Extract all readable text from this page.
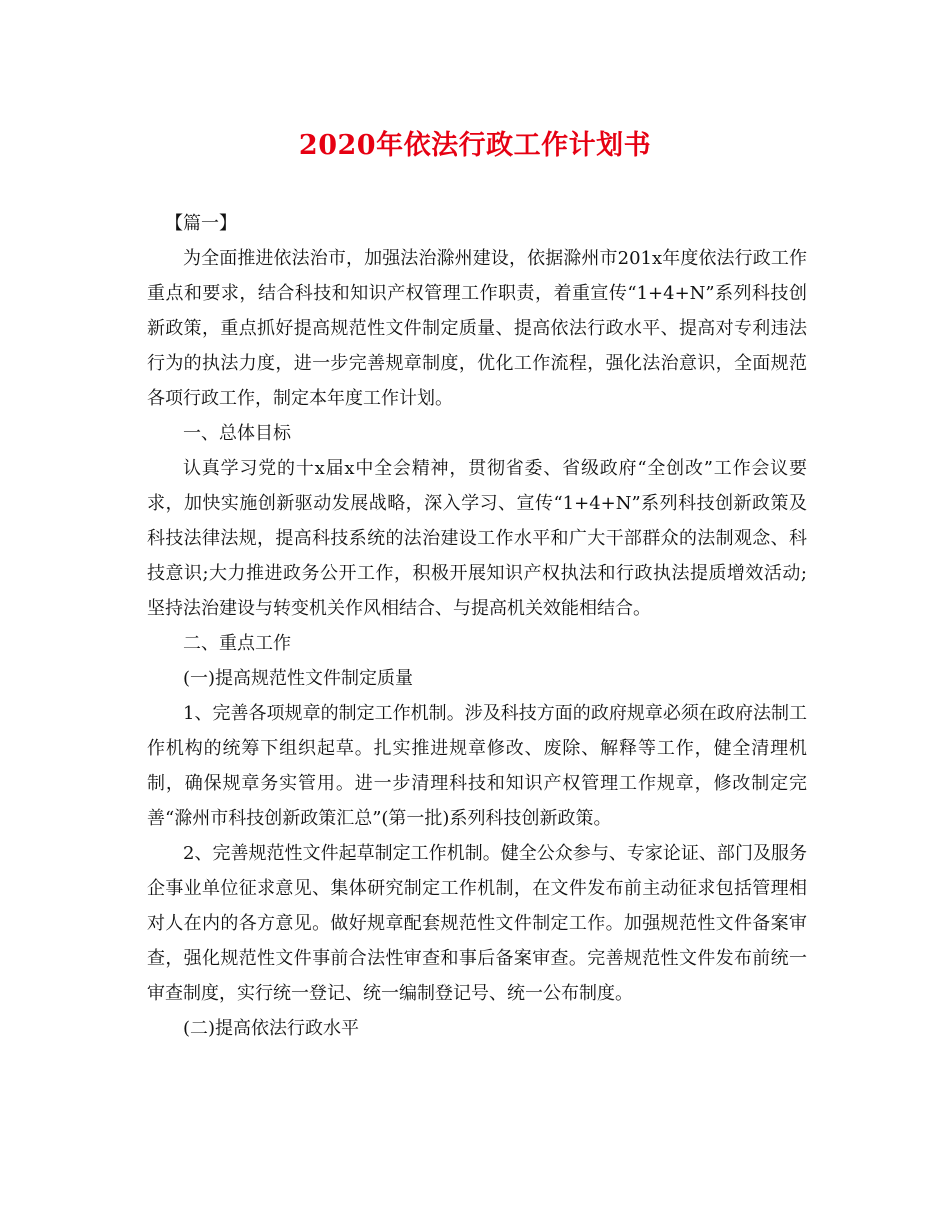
2020年依法行政工作计划书

【篇一】

为全面推进依法治市，加强法治滁州建设，依据滁州市201x年度依法行政工作重点和要求，结合科技和知识产权管理工作职责，着重宣传“1+4+N”系列科技创新政策，重点抓好提高规范性文件制定质量、提高依法行政水平、提高对专利违法行为的执法力度，进一步完善规章制度，优化工作流程，强化法治意识，全面规范各项行政工作，制定本年度工作计划。

一、总体目标

认真学习党的十x届x中全会精神，贯彻省委、省级政府“全创改”工作会议要求，加快实施创新驱动发展战略，深入学习、宣传“1+4+N”系列科技创新政策及科技法律法规，提高科技系统的法治建设工作水平和广大干部群众的法制观念、科技意识;大力推进政务公开工作，积极开展知识产权执法和行政执法提质增效活动;坚持法治建设与转变机关作风相结合、与提高机关效能相结合。

二、重点工作

(一)提高规范性文件制定质量

1、完善各项规章的制定工作机制。涉及科技方面的政府规章必须在政府法制工作机构的统筹下组织起草。扎实推进规章修改、废除、解释等工作，健全清理机制，确保规章务实管用。进一步清理科技和知识产权管理工作规章，修改制定完善“滁州市科技创新政策汇总”(第一批)系列科技创新政策。

2、完善规范性文件起草制定工作机制。健全公众参与、专家论证、部门及服务企事业单位征求意见、集体研究制定工作机制，在文件发布前主动征求包括管理相对人在内的各方意见。做好规章配套规范性文件制定工作。加强规范性文件备案审查，强化规范性文件事前合法性审查和事后备案审查。完善规范性文件发布前统一审查制度，实行统一登记、统一编制登记号、统一公布制度。

(二)提高依法行政水平
